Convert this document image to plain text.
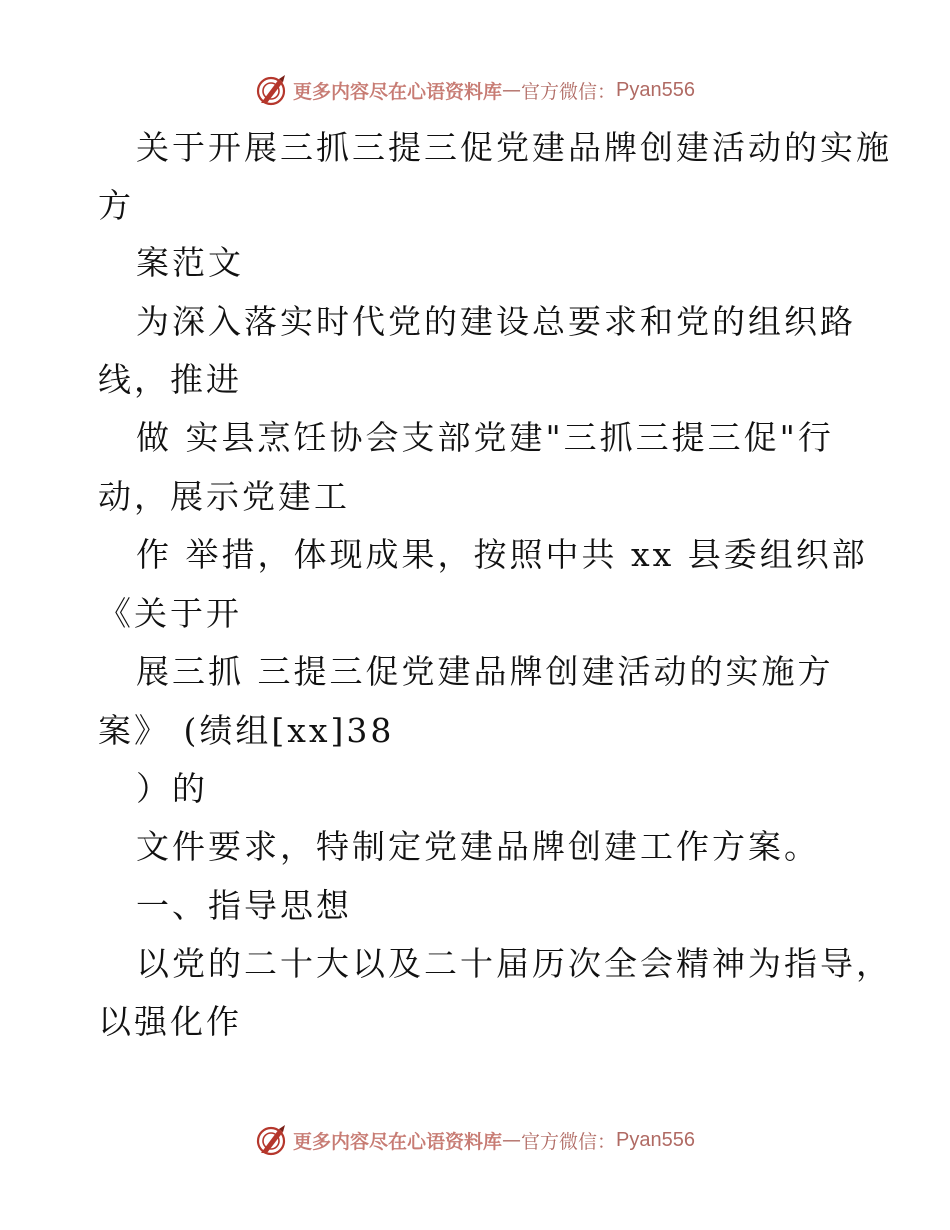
更多内容尽在心语资料库 — 官方微信： Pyan556
关于开展三抓三提三促党建品牌创建活动的实施
方
案范文
为深入落实时代党的建设总要求和党的组织路
线，推进
做 实县烹饪协会支部党建"三抓三提三促"行
动，展示党建工
作 举措，体现成果，按照中共 xx 县委组织部
《关于开
展三抓 三提三促党建品牌创建活动的实施方
案》 (绩组[xx]38
）的
文件要求，特制定党建品牌创建工作方案。
一、指导思想
以党的二十大以及二十届历次全会精神为指导，
以强化作
更多内容尽在心语资料库 — 官方微信： Pyan556
